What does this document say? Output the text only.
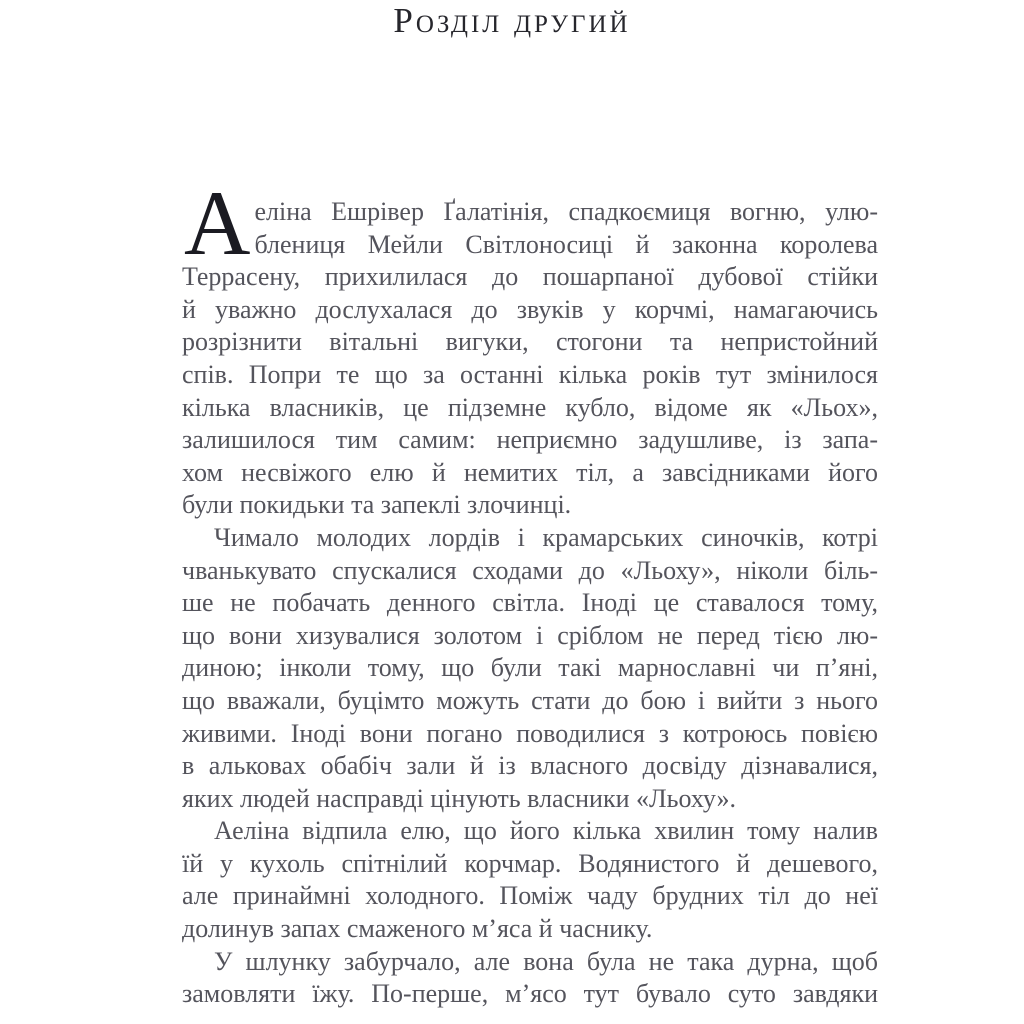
Розділ другий
А еліна Ешрівер Ґалатінія, спадкоємиця вогню, улю-
блениця Мейли Світлоносиці й законна королева
Террасену, прихилилася до пошарпаної дубової стійки
й уважно дослухалася до звуків у корчмі, намагаючись
розрізнити вітальні вигуки, стогони та непристойний
спів. Попри те що за останні кілька років тут змінилося
кілька власників, це підземне кубло, відоме як «Льох»,
залишилося тим самим: неприємно задушливе, із запа-
хом несвіжого елю й немитих тіл, а завсідниками його
були покидьки та запеклі злочинці.
Чимало молодих лордів і крамарських синочків, котрі
чванькувато спускалися сходами до «Льоху», ніколи біль-
ше не побачать денного світла. Іноді це ставалося тому,
що вони хизувалися золотом і сріблом не перед тією лю-
диною; інколи тому, що були такі марнославні чи п’яні,
що вважали, буцімто можуть стати до бою і вийти з нього
живими. Іноді вони погано поводилися з котроюсь повією
в альковах обабіч зали й із власного досвіду дізнавалися,
яких людей насправді цінують власники «Льоху».
Аеліна відпила елю, що його кілька хвилин тому налив
їй у кухоль спітнілий корчмар. Водянистого й дешевого,
але принаймні холодного. Поміж чаду брудних тіл до неї
долинув запах смаженого м’яса й часнику.
У шлунку забурчало, але вона була не така дурна, щоб
замовляти їжу. По-перше, м’ясо тут бувало суто завдяки
